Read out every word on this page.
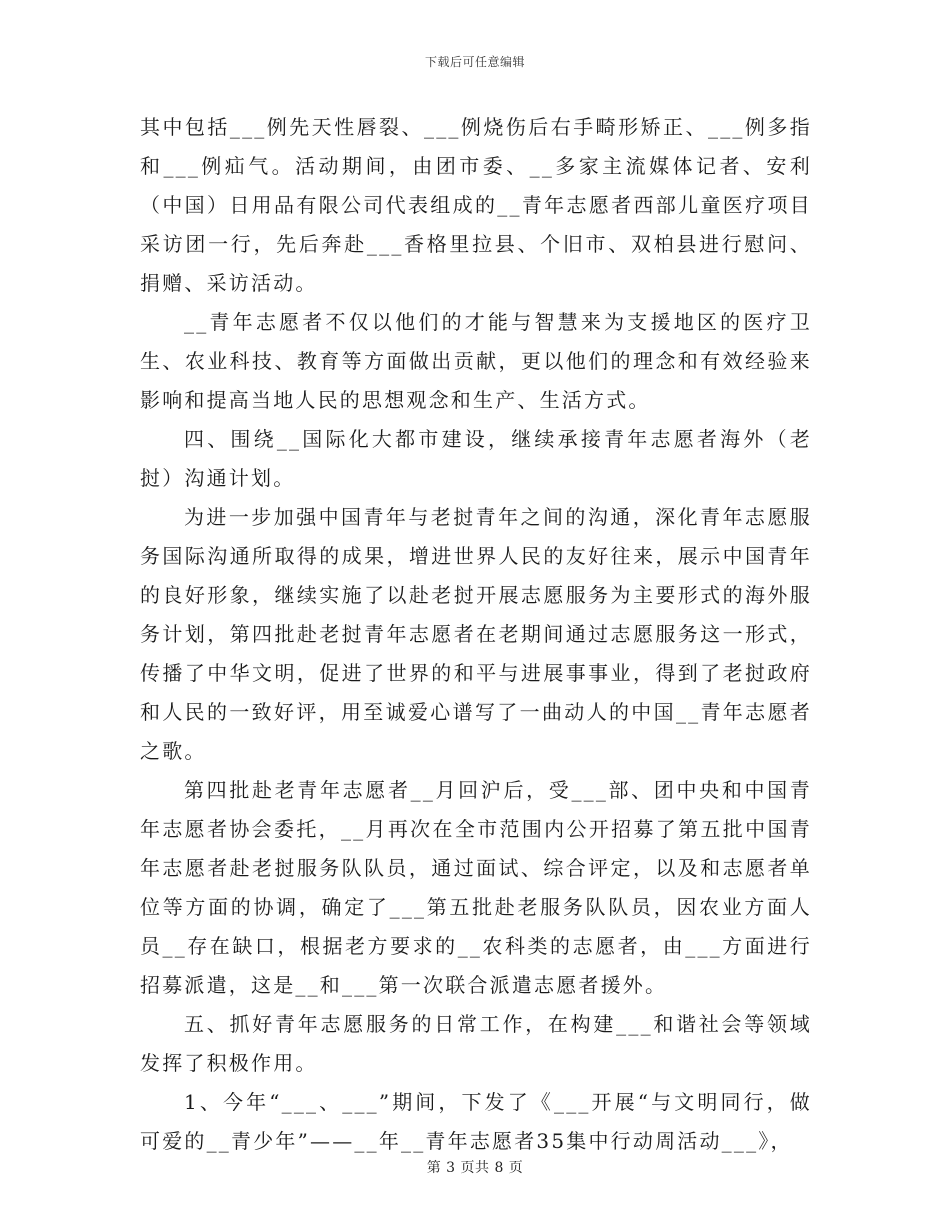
下载后可任意编辑

其中包括___例先天性唇裂、___例烧伤后右手畸形矫正、___例多指和___例疝气。活动期间，由团市委、__多家主流媒体记者、安利（中国）日用品有限公司代表组成的__青年志愿者西部儿童医疗项目采访团一行，先后奔赴___香格里拉县、个旧市、双柏县进行慰问、捐赠、采访活动。

__青年志愿者不仅以他们的才能与智慧来为支援地区的医疗卫生、农业科技、教育等方面做出贡献，更以他们的理念和有效经验来影响和提高当地人民的思想观念和生产、生活方式。

四、围绕__国际化大都市建设，继续承接青年志愿者海外（老挝）沟通计划。

为进一步加强中国青年与老挝青年之间的沟通，深化青年志愿服务国际沟通所取得的成果，增进世界人民的友好往来，展示中国青年的良好形象，继续实施了以赴老挝开展志愿服务为主要形式的海外服务计划，第四批赴老挝青年志愿者在老期间通过志愿服务这一形式，传播了中华文明，促进了世界的和平与进展事事业，得到了老挝政府和人民的一致好评，用至诚爱心谱写了一曲动人的中国__青年志愿者之歌。

第四批赴老青年志愿者__月回沪后，受___部、团中央和中国青年志愿者协会委托，__月再次在全市范围内公开招募了第五批中国青年志愿者赴老挝服务队队员，通过面试、综合评定，以及和志愿者单位等方面的协调，确定了___第五批赴老服务队队员，因农业方面人员__存在缺口，根据老方要求的__农科类的志愿者，由___方面进行招募派遣，这是__和___第一次联合派遣志愿者援外。

五、抓好青年志愿服务的日常工作，在构建___和谐社会等领域发挥了积极作用。

1、今年“___、___”期间，下发了《___开展“与文明同行，做可爱的__青少年”——__年__青年志愿者35集中行动周活动___》，

第 3 页共 8 页
